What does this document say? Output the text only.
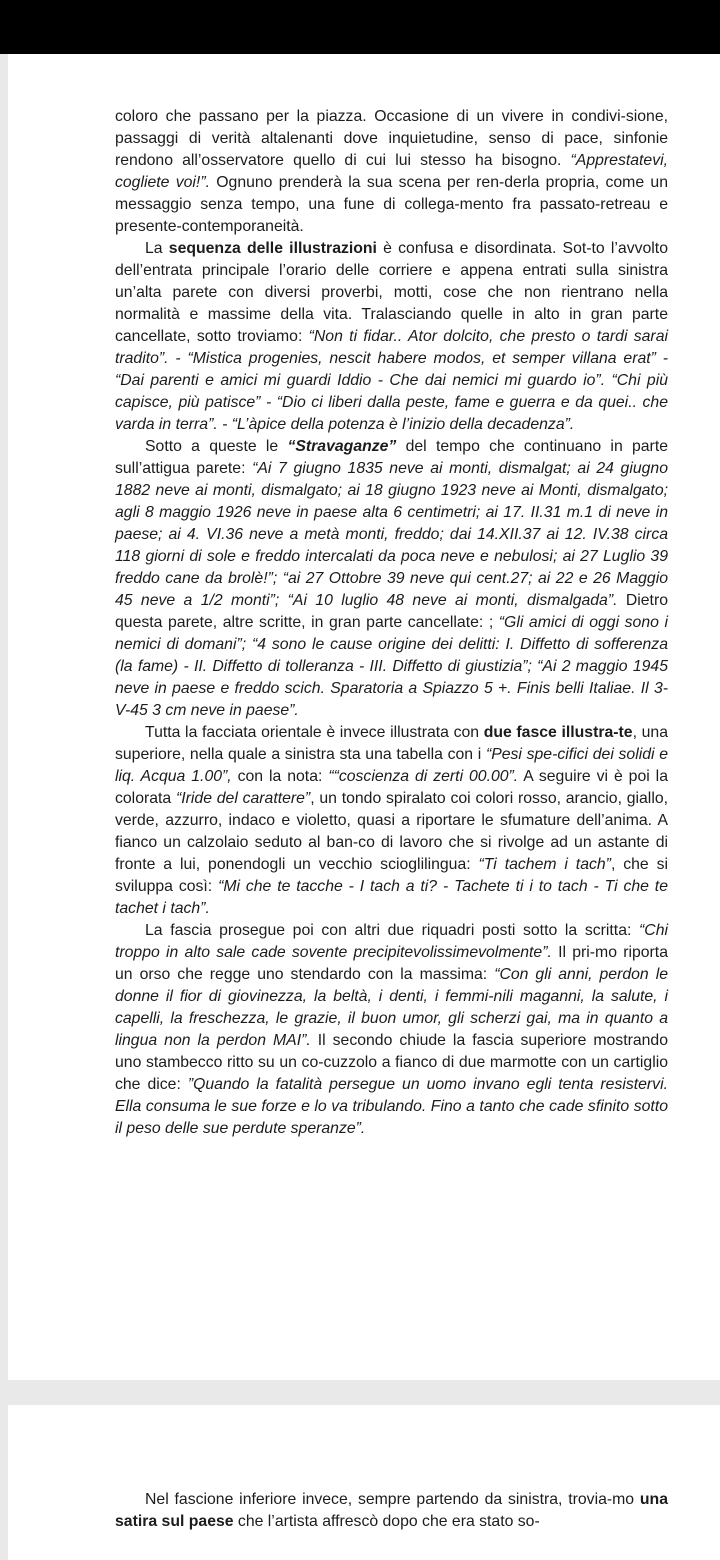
coloro che passano per la piazza. Occasione di un vivere in condivi-sione, passaggi di verità altalenanti dove inquietudine, senso di pace, sinfonie rendono all’osservatore quello di cui lui stesso ha bisogno. “Apprestatevi, cogliete voi!”. Ognuno prenderà la sua scena per ren-derla propria, come un messaggio senza tempo, una fune di collega-mento fra passato-retreau e presente-contemporaneità.

La sequenza delle illustrazioni è confusa e disordinata. Sot-to l’avvolto dell’entrata principale l’orario delle corriere e appena entrati sulla sinistra un’alta parete con diversi proverbi, motti, cose che non rientrano nella normalità e massime della vita. Tralasciando quelle in alto in gran parte cancellate, sotto troviamo: “Non ti fidar.. Ator dolcito, che presto o tardi sarai tradito”. - “Mistica progenies, nescit habere modos, et semper villana erat” - “Dai parenti e amici mi guardi Iddio - Che dai nemici mi guardo io”. “Chi più capisce, più patisce” - “Dio ci liberi dalla peste, fame e guerra e da quei.. che varda in terra”. - “L’àpice della potenza è l’inizio della decadenza”.

Sotto a queste le “Stravaganze” del tempo che continuano in parte sull’attigua parete: “Ai 7 giugno 1835 neve ai monti, dismalgat; ai 24 giugno 1882 neve ai monti, dismalgato; ai 18 giugno 1923 neve ai Monti, dismalgato; agli 8 maggio 1926 neve in paese alta 6 centimetri; ai 17. II.31 m.1 di neve in paese; ai 4. VI.36 neve a metà monti, freddo; dai 14.XII.37 ai 12. IV.38 circa 118 giorni di sole e freddo intercalati da poca neve e nebulosi; ai 27 Luglio 39 freddo cane da brolè!”; “ai 27 Ottobre 39 neve qui cent.27; ai 22 e 26 Maggio 45 neve a 1/2 monti”; “Ai 10 luglio 48 neve ai monti, dismalgada”. Dietro questa parete, altre scritte, in gran parte cancellate: ; “Gli amici di oggi sono i nemici di domani”; “4 sono le cause origine dei delitti: I. Diffetto di sofferenza (la fame) - II. Diffetto di tolleranza - III. Diffetto di giustizia”; “Ai 2 maggio 1945 neve in paese e freddo scich. Sparatoria a Spiazzo 5 +. Finis belli Italiae. Il 3-V-45 3 cm neve in paese”.

Tutta la facciata orientale è invece illustrata con due fasce illustra-te, una superiore, nella quale a sinistra sta una tabella con i “Pesi spe-cifici dei solidi e liq. Acqua 1.00”, con la nota: ““coscienza di zerti 00.00”. A seguire vi è poi la colorata “Iride del carattere”, un tondo spiralato coi colori rosso, arancio, giallo, verde, azzurro, indaco e violetto, quasi a riportare le sfumature dell’anima. A fianco un calzolaio seduto al ban-co di lavoro che si rivolge ad un astante di fronte a lui, ponendogli un vecchio scioglilingua: “Ti tachem i tach”, che si sviluppa così: “Mi che te tacche - I tach a ti? - Tachete ti i to tach - Ti che te tachet i tach”.

La fascia prosegue poi con altri due riquadri posti sotto la scritta: “Chi troppo in alto sale cade sovente precipitevolissimevolmente”. Il pri-mo riporta un orso che regge uno stendardo con la massima: “Con gli anni, perdon le donne il fior di giovinezza, la beltà, i denti, i femmi-nili maganni, la salute, i capelli, la freschezza, le grazie, il buon umor, gli scherzi gai, ma in quanto a lingua non la perdon MAI”. Il secondo chiude la fascia superiore mostrando uno stambecco ritto su un co-cuzzolo a fianco di due marmotte con un cartiglio che dice: ”Quando la fatalità persegue un uomo invano egli tenta resistervi. Ella consuma le sue forze e lo va tribulando. Fino a tanto che cade sfinito sotto il peso delle sue perdute speranze”.

Nel fascione inferiore invece, sempre partendo da sinistra, trovia-mo una satira sul paese che l’artista affrescò dopo che era stato so-
